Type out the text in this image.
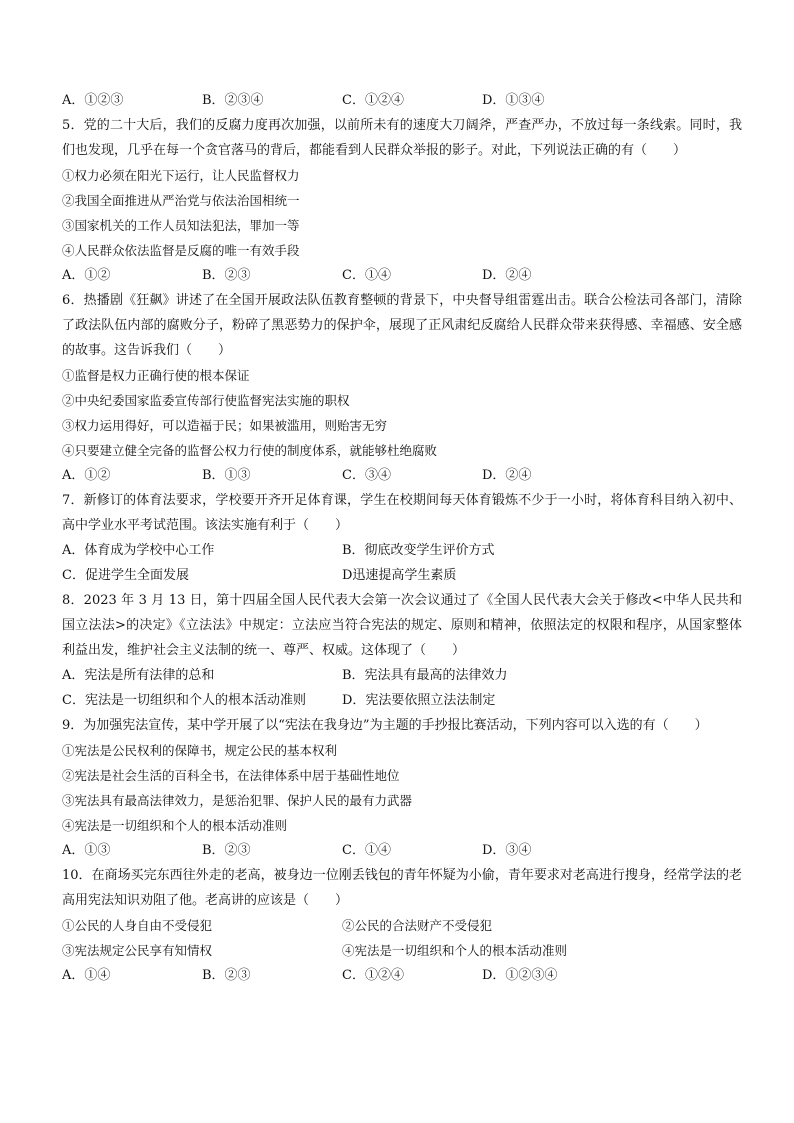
A．①②③	B．②③④	C．①②④	D．①③④
5．党的二十大后，我们的反腐力度再次加强，以前所未有的速度大刀阔斧，严查严办，不放过每一条线索。同时，我们也发现，几乎在每一个贪官落马的背后，都能看到人民群众举报的影子。对此，下列说法正确的有（　　）
①权力必须在阳光下运行，让人民监督权力
②我国全面推进从严治党与依法治国相统一
③国家机关的工作人员知法犯法，罪加一等
④人民群众依法监督是反腐的唯一有效手段
A．①②	B．②③	C．①④	D．②④
6．热播剧《狂飙》讲述了在全国开展政法队伍教育整顿的背景下，中央督导组雷霆出击。联合公检法司各部门，清除了政法队伍内部的腐败分子，粉碎了黑恶势力的保护伞，展现了正风肃纪反腐给人民群众带来获得感、幸福感、安全感的故事。这告诉我们（　　）
①监督是权力正确行使的根本保证
②中央纪委国家监委宣传部行使监督宪法实施的职权
③权力运用得好，可以造福于民；如果被滥用，则贻害无穷
④只要建立健全完备的监督公权力行使的制度体系，就能够杜绝腐败
A．①②	B．①③	C．③④	D．②④
7．新修订的体育法要求，学校要开齐开足体育课，学生在校期间每天体育锻炼不少于一小时，将体育科目纳入初中、高中学业水平考试范围。该法实施有利于（　　）
A．体育成为学校中心工作	B．彻底改变学生评价方式
C．促进学生全面发展	D迅速提高学生素质
8．2023 年 3 月 13 日，第十四届全国人民代表大会第一次会议通过了《全国人民代表大会关于修改<中华人民共和国立法法>的决定》《立法法》中规定：立法应当符合宪法的规定、原则和精神，依照法定的权限和程序，从国家整体利益出发，维护社会主义法制的统一、尊严、权威。这体现了（　　）
A．宪法是所有法律的总和	B．宪法具有最高的法律效力
C．宪法是一切组织和个人的根本活动准则	D．宪法要依照立法法制定
9．为加强宪法宣传，某中学开展了以“宪法在我身边”为主题的手抄报比赛活动，下列内容可以入选的有（　　）
①宪法是公民权利的保障书，规定公民的基本权利
②宪法是社会生活的百科全书，在法律体系中居于基础性地位
③宪法具有最高法律效力，是惩治犯罪、保护人民的最有力武器
④宪法是一切组织和个人的根本活动准则
A．①③	B．②③	C．①④	D．③④
10．在商场买完东西往外走的老高，被身边一位刚丢钱包的青年怀疑为小偷，青年要求对老高进行搜身，经常学法的老高用宪法知识劝阻了他。老高讲的应该是（　　）
①公民的人身自由不受侵犯	②公民的合法财产不受侵犯
③宪法规定公民享有知情权	④宪法是一切组织和个人的根本活动准则
A．①④	B．②③	C．①②④	D．①②③④
